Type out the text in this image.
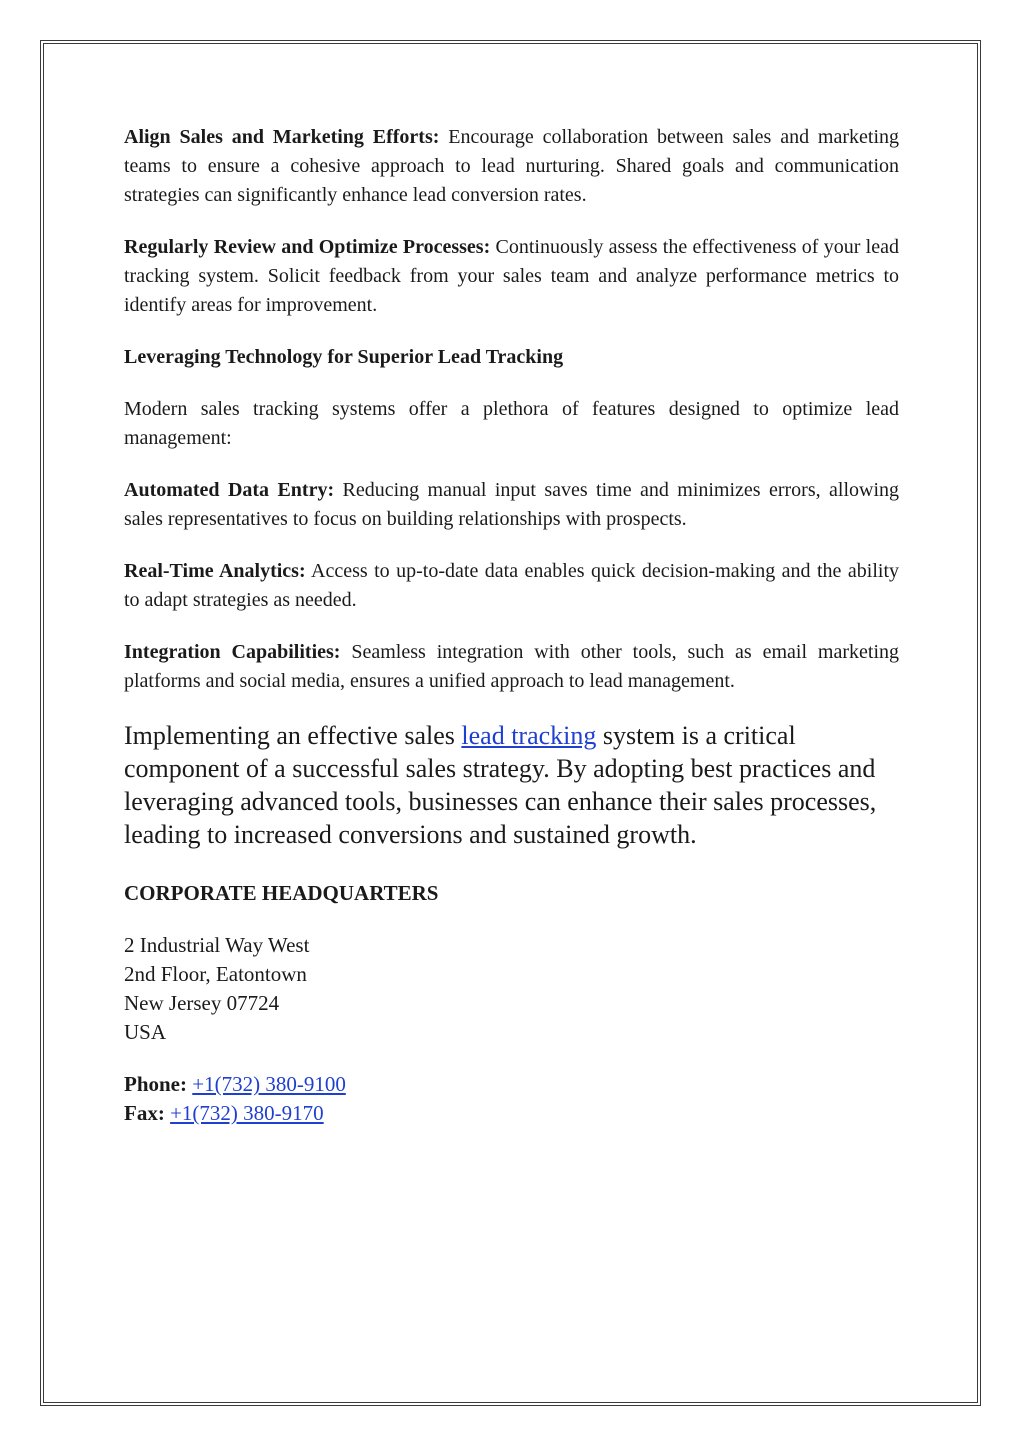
Align Sales and Marketing Efforts: Encourage collaboration between sales and marketing teams to ensure a cohesive approach to lead nurturing. Shared goals and communication strategies can significantly enhance lead conversion rates.

Regularly Review and Optimize Processes: Continuously assess the effectiveness of your lead tracking system. Solicit feedback from your sales team and analyze performance metrics to identify areas for improvement.

Leveraging Technology for Superior Lead Tracking

Modern sales tracking systems offer a plethora of features designed to optimize lead management:

Automated Data Entry: Reducing manual input saves time and minimizes errors, allowing sales representatives to focus on building relationships with prospects.

Real-Time Analytics: Access to up-to-date data enables quick decision-making and the ability to adapt strategies as needed.

Integration Capabilities: Seamless integration with other tools, such as email marketing platforms and social media, ensures a unified approach to lead management.

Implementing an effective sales lead tracking system is a critical component of a successful sales strategy. By adopting best practices and leveraging advanced tools, businesses can enhance their sales processes, leading to increased conversions and sustained growth.

CORPORATE HEADQUARTERS

2 Industrial Way West
2nd Floor, Eatontown
New Jersey 07724
USA
Phone: +1(732) 380-9100
Fax: +1(732) 380-9170
